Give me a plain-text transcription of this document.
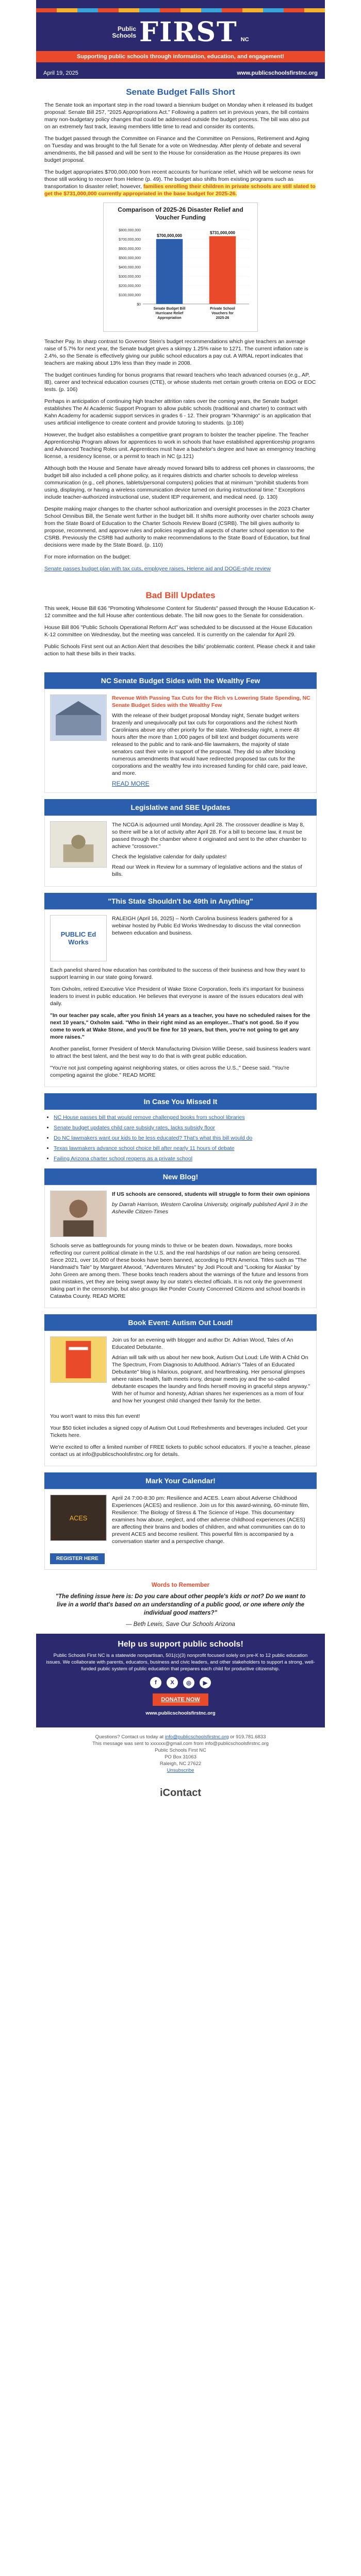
Public
Schools FIRST NC
Supporting public schools through information, education, and engagement!
April 19, 2025	www.publicschoolsfirstnc.org
Senate Budget Falls Short

The Senate took an important step in the road toward a biennium budget on Monday when it released its budget proposal: Senate Bill 257, "2025 Appropriations Act." Following a pattern set in previous years, the bill contains many non-budgetary policy changes that could be addressed outside the budget process. The bill was also put on an extremely fast track, leaving members little time to read and consider its contents.

The budget passed through the Committee on Finance and the Committee on Pensions, Retirement and Aging on Tuesday and was brought to the full Senate for a vote on Wednesday. After plenty of debate and several amendments, the bill passed and will be sent to the House for consideration as the House prepares its own budget proposal.

The budget appropriates $700,000,000 from recent accounts for hurricane relief, which will be welcome news for those still working to recover from Helene (p. 49). The budget also shifts from existing programs such as transportation to disaster relief; however, families enrolling their children in private schools are still slated to get the $731,000,000 currently appropriated in the base budget for 2025-26.

Comparison of 2025-26 Disaster Relief and Voucher Funding
$800,000,000
$700,000,000
$600,000,000
$500,000,000
$400,000,000
$300,000,000
$200,000,000
$100,000,000
$0
$700,000,000
Senate Budget Bill
Hurricane Relief
Appropriation
$731,000,000
Private School
Vouchers for
2025-26

Teacher Pay. In sharp contrast to Governor Stein's budget recommendations which give teachers an average raise of 5.7% for next year, the Senate budget gives a skimpy 1.25% raise to 1271. The current inflation rate is 2.4%, so the Senate is effectively giving our public school educators a pay cut. A WRAL report indicates that teachers are making about 13% less than they made in 2008.

The budget continues funding for bonus programs that reward teachers who teach advanced courses (e.g., AP, IB), career and technical education courses (CTE), or whose students met certain growth criteria on EOG or EOC tests. (p. 106)

Perhaps in anticipation of continuing high teacher attrition rates over the coming years, the Senate budget establishes The AI Academic Support Program to allow public schools (traditional and charter) to contract with Kahn Academy for academic support services in grades 6 - 12. Their program "Khanmigo" is an application that uses artificial intelligence to create content and provide tutoring to students. (p.108)

However, the budget also establishes a competitive grant program to bolster the teacher pipeline. The Teacher Apprenticeship Program allows for apprentices to work in schools that have established apprenticeship programs and Advanced Teaching Roles unit. Apprentices must have a bachelor's degree and have an emergency teaching license, a residency license, or a permit to teach in NC (p.121)

Although both the House and Senate have already moved forward bills to address cell phones in classrooms, the budget bill also included a cell phone policy, as it requires districts and charter schools to develop wireless communication (e.g., cell phones, tablets/personal computers) policies that at minimum "prohibit students from using, displaying, or having a wireless communication device turned on during instructional time." Exceptions include teacher-authorized instructional use, student IEP requirement, and medical need. (p. 130)

Despite making major changes to the charter school authorization and oversight processes in the 2023 Charter School Omnibus Bill, the Senate went further in the budget bill. It shifts more authority over charter schools away from the State Board of Education to the Charter Schools Review Board (CSRB). The bill gives authority to propose, recommend, and approve rules and policies regarding all aspects of charter school operation to the CSRB. Previously the CSRB had authority to make recommendations to the State Board of Education, but final decisions were made by the State Board. (p. 110)

For more information on the budget:

Senate passes budget plan with tax cuts, employee raises, Helene aid and DOGE-style review

Bad Bill Updates

This week, House Bill 636 "Promoting Wholesome Content for Students" passed through the House Education K-12 committee and the full House after contentious debate. The bill now goes to the Senate for consideration.

House Bill 806 "Public Schools Operational Reform Act" was scheduled to be discussed at the House Education K-12 committee on Wednesday, but the meeting was canceled. It is currently on the calendar for April 29.

Public Schools First sent out an Action Alert that describes the bills' problematic content. Please check it and take action to halt these bills in their tracks.

NC Senate Budget Sides with the Wealthy Few

Revenue With Passing Tax Cuts for the Rich vs Lowering State Spending, NC Senate Budget Sides with the Wealthy Few

With the release of their budget proposal Monday night, Senate budget writers brazenly and unequivocally put tax cuts for corporations and the richest North Carolinians above any other priority for the state. Wednesday night, a mere 48 hours after the more than 1,000 pages of bill text and budget documents were released to the public and to rank-and-file lawmakers, the majority of state senators cast their vote in support of the proposal. They did so after blocking numerous amendments that would have redirected proposed tax cuts for the corporations and the wealthy few into increased funding for child care, paid leave, and more.

READ MORE
Legislative and SBE Updates

The NCGA is adjourned until Monday, April 28. The crossover deadline is May 8, so there will be a lot of activity after April 28. For a bill to become law, it must be passed through the chamber where it originated and sent to the other chamber to achieve "crossover."

Check the legislative calendar for daily updates!

Read our Week in Review for a summary of legislative actions and the status of bills.

"This State Shouldn't be 49th in Anything"
PUBLIC Ed Works

RALEIGH (April 16, 2025) – North Carolina business leaders gathered for a webinar hosted by Public Ed Works Wednesday to discuss the vital connection between education and business.

Each panelist shared how education has contributed to the success of their business and how they want to support learning in our state going forward.

Tom Oxholm, retired Executive Vice President of Wake Stone Corporation, feels it's important for business leaders to invest in public education. He believes that everyone is aware of the issues educators deal with daily.

"In our teacher pay scale, after you finish 14 years as a teacher, you have no scheduled raises for the next 10 years," Oxholm said. "Who in their right mind as an employer...That's not good. So if you come to work at Wake Stone, and you'll be fine for 10 years, but then, you're not going to get any more raises."

Another panelist, former President of Merck Manufacturing Division Willie Deese, said business leaders want to attract the best talent, and the best way to do that is with great public education.

"You're not just competing against neighboring states, or cities across the U.S.," Deese said. "You're competing against the globe." READ MORE

In Case You Missed It
• NC House passes bill that would remove challenged books from school libraries
• Senate budget updates child care subsidy rates, lacks subsidy floor
• Do NC lawmakers want our kids to be less educated? That's what this bill would do
• Texas lawmakers advance school choice bill after nearly 11 hours of debate
• Failing Arizona charter school reopens as a private school
New Blog!

If US schools are censored, students will struggle to form their own opinions

by Darrah Harrison, Western Carolina University, originally published April 3 in the Asheville Citizen-Times

Schools serve as battlegrounds for young minds to thrive or be beaten down. Nowadays, more books reflecting our current political climate in the U.S. and the real hardships of our nation are being censored. Since 2021, over 16,000 of these books have been banned, according to PEN America. Titles such as "The Handmaid's Tale" by Margaret Atwood, "Adventures Minutes" by Jodi Picoult and "Looking for Alaska" by John Green are among them. These books teach readers about the warnings of the future and lessons from past mistakes, yet they are being swept away by our state's elected officials. It is not only the government taking part in the censorship, but also groups like Ponder County Concerned Citizens and school boards in Catawba County. READ MORE

Book Event: Autism Out Loud!

Join us for an evening with blogger and author Dr. Adrian Wood, Tales of An Educated Debutante.

Adrian will talk with us about her new book, Autism Out Loud: Life With A Child On The Spectrum, From Diagnosis to Adulthood. Adrian's "Tales of an Educated Debutante" blog is hilarious, poignant, and heartbreaking. Her personal glimpses where raises health, faith meets irony, despair meets joy and the so-called debutante escapes the laundry and finds herself moving in graceful steps anyway." With her of humor and honesty, Adrian shares her experiences as a mom of four and how her youngest child changed their family for the better.

You won't want to miss this fun event!

Your $50 ticket includes a signed copy of Autism Out Loud Refreshments and beverages included. Get your Tickets here.

We're excited to offer a limited number of FREE tickets to public school educators. If you're a teacher, please contact us at info@publicschoolsfirstnc.org for details.

Mark Your Calendar!
ACES

April 24 7:00-8:30 pm: Resilience and ACES. Learn about Adverse Childhood Experiences (ACES) and resilience. Join us for this award-winning, 60-minute film, Resilience: The Biology of Stress & The Science of Hope. This documentary examines how abuse, neglect, and other adverse childhood experiences (ACES) are affecting their brains and bodies of children, and what communities can do to prevent ACES and become resilient. This powerful film is accompanied by a conversation starter and a perspective change.

REGISTER HERE
Words to Remember
"The defining issue here is: Do you care about other people's kids or not? Do we want to live in a world that's based on an understanding of a public good, or one where only the individual good matters?"
— Beth Lewis, Save Our Schools Arizona
Help us support public schools!

Public Schools First NC is a statewide nonpartisan, 501(c)(3) nonprofit focused solely on pre-K to 12 public education issues. We collaborate with parents, educators, business and civic leaders, and other stakeholders to support a strong, well-funded public system of public education that prepares each child for productive citizenship.

f	X	◎	▶
DONATE NOW

www.publicschoolsfirstnc.org

Questions? Contact us today at info@publicschoolsfirstnc.org or 919.781.6833
This message was sent to xxxxxx@gmail.com from info@publicschoolsfirstnc.org
Public Schools First NC
PO Box 31063
Raleigh, NC 27622
Unsubscribe
iContact
